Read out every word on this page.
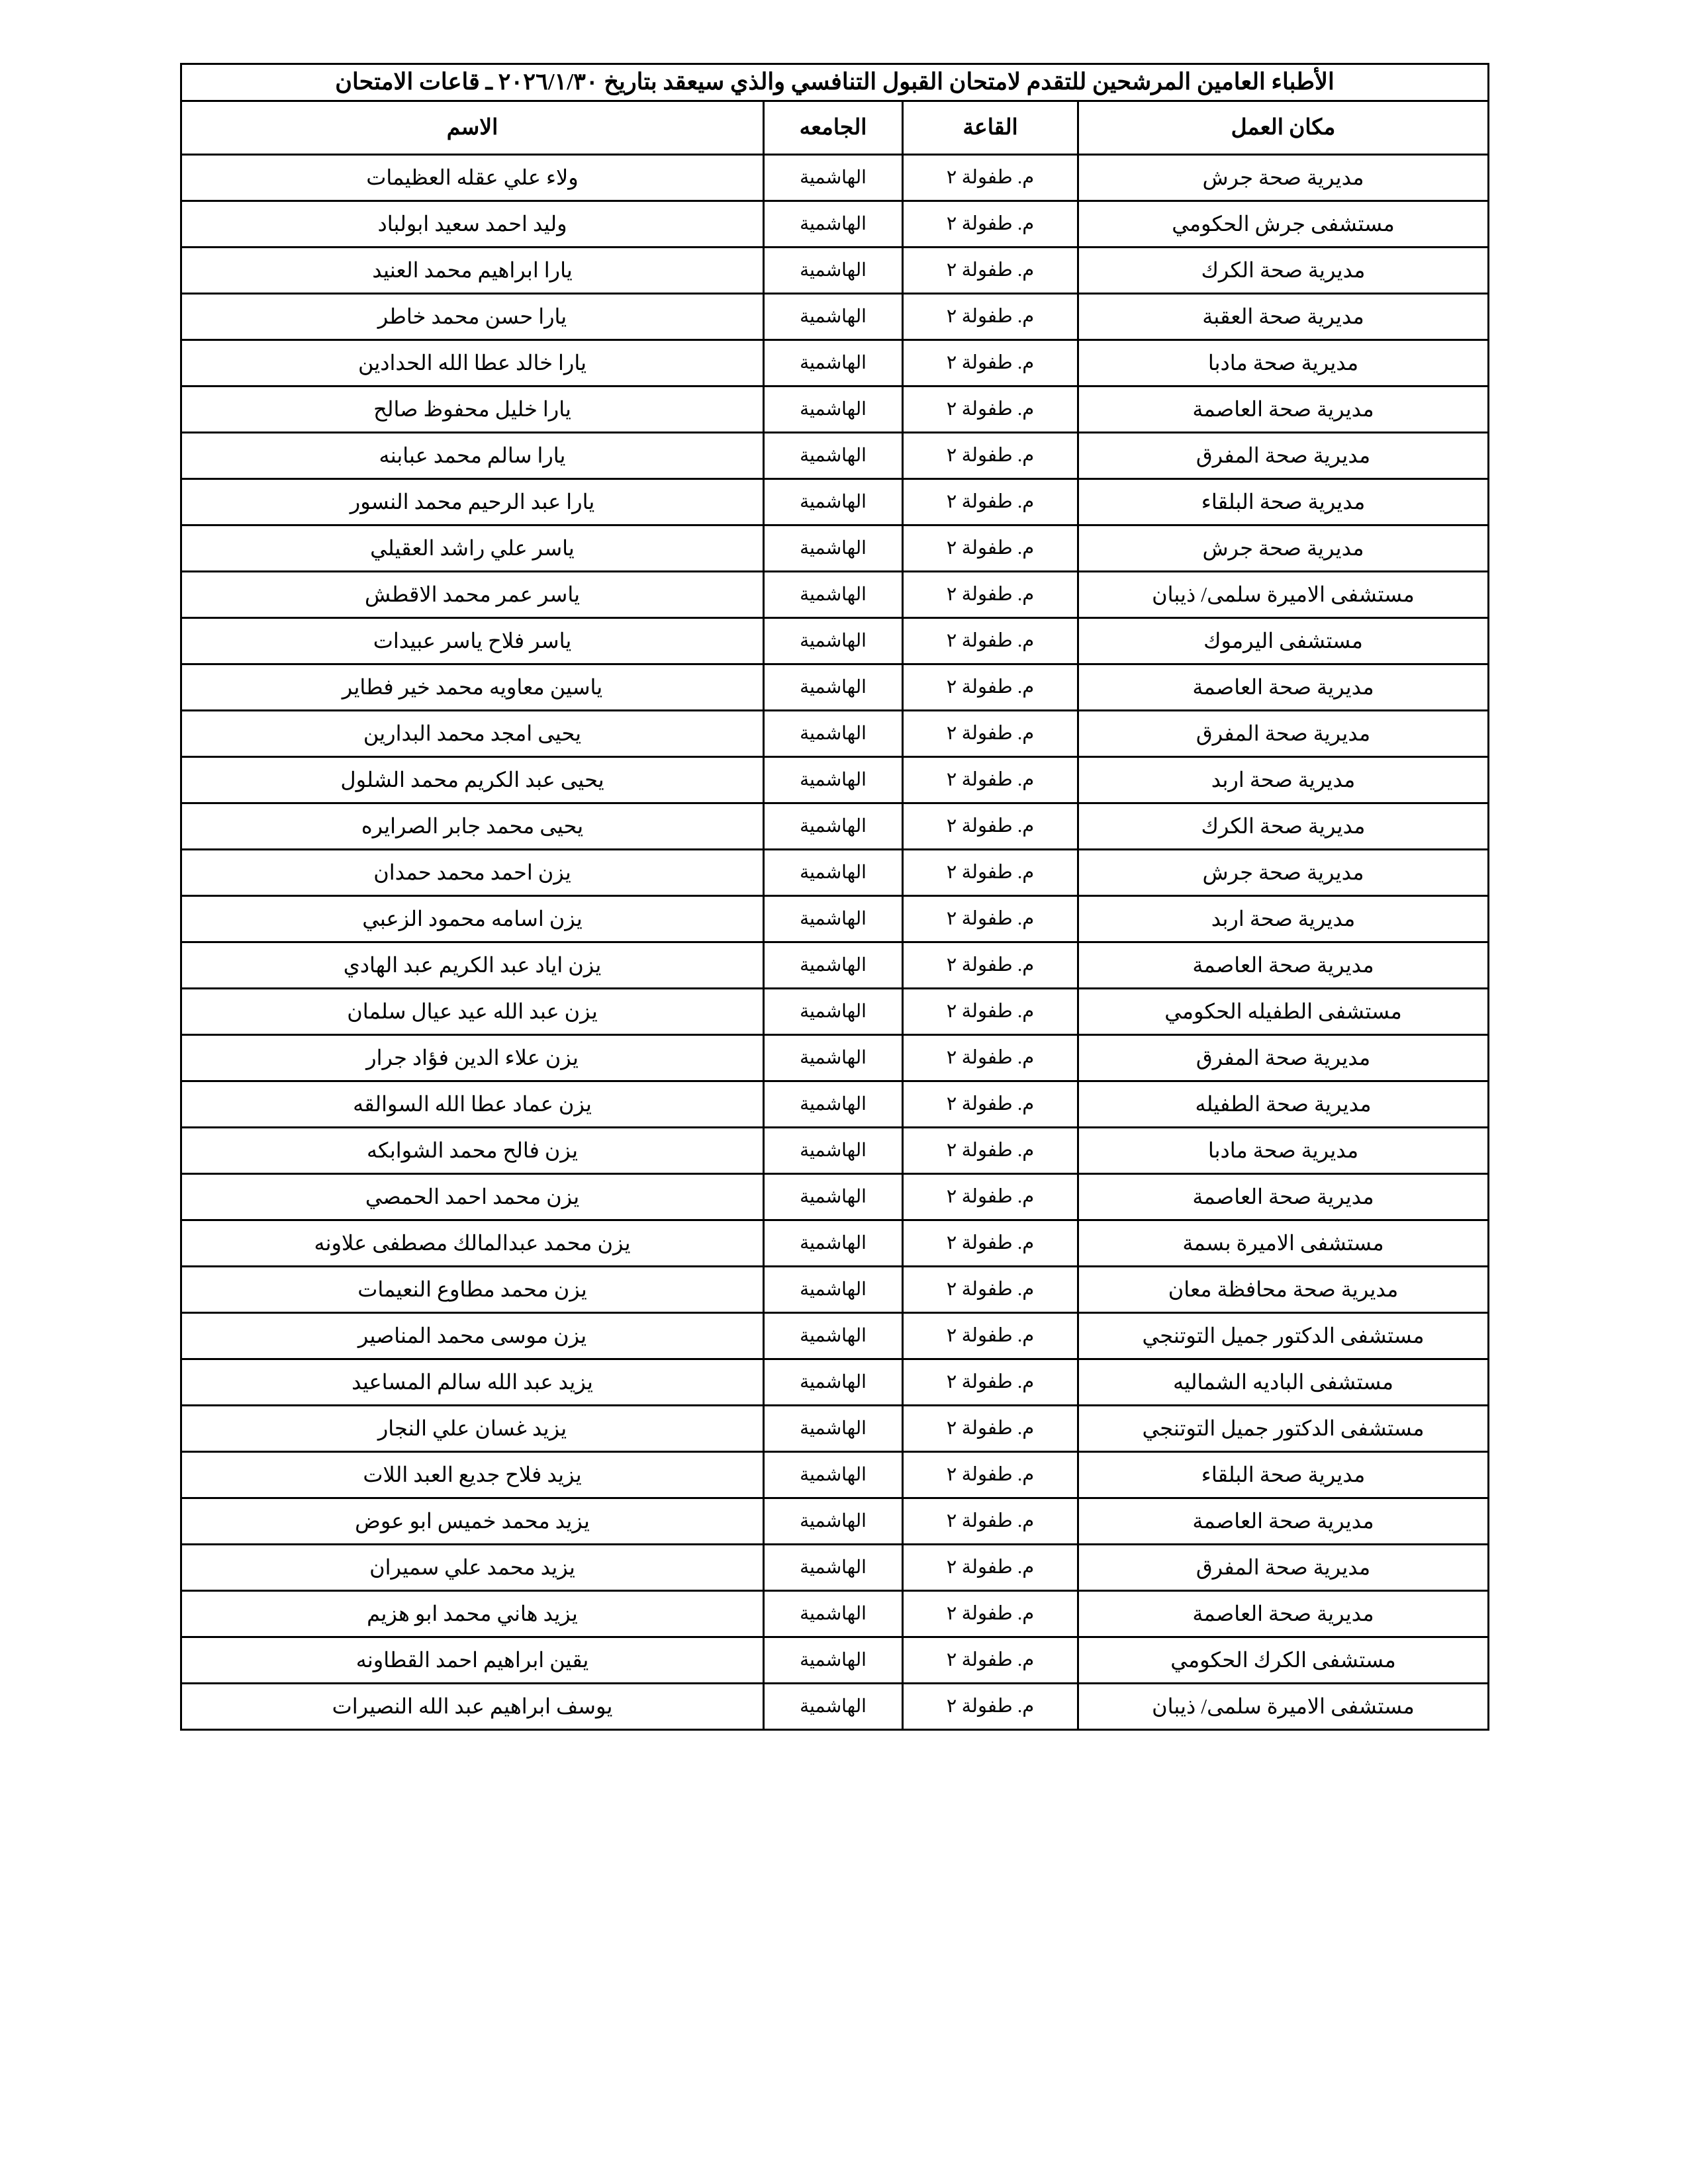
الأطباء العامين المرشحين للتقدم لامتحان القبول التنافسي والذي سيعقد بتاريخ ٢٠٢٦/١/٣٠ ـ قاعات الامتحان			
مكان العمل	القاعة	الجامعه	الاسم
مديرية صحة جرش	م. طفولة ٢	الهاشمية	ولاء علي عقله العظيمات
مستشفى جرش الحكومي	م. طفولة ٢	الهاشمية	وليد احمد سعيد ابولباد
مديرية صحة الكرك	م. طفولة ٢	الهاشمية	يارا ابراهيم محمد العنيد
مديرية صحة العقبة	م. طفولة ٢	الهاشمية	يارا حسن محمد خاطر
مديرية صحة مادبا	م. طفولة ٢	الهاشمية	يارا خالد عطا الله الحدادين
مديرية صحة العاصمة	م. طفولة ٢	الهاشمية	يارا خليل محفوظ صالح
مديرية صحة المفرق	م. طفولة ٢	الهاشمية	يارا سالم محمد عبابنه
مديرية صحة البلقاء	م. طفولة ٢	الهاشمية	يارا عبد الرحيم محمد النسور
مديرية صحة جرش	م. طفولة ٢	الهاشمية	ياسر علي راشد العقيلي
مستشفى الاميرة سلمى/ ذيبان	م. طفولة ٢	الهاشمية	ياسر عمر محمد الاقطش
مستشفى اليرموك	م. طفولة ٢	الهاشمية	ياسر فلاح ياسر عبيدات
مديرية صحة العاصمة	م. طفولة ٢	الهاشمية	ياسين معاويه محمد خير فطاير
مديرية صحة المفرق	م. طفولة ٢	الهاشمية	يحيى امجد محمد البدارين
مديرية صحة اربد	م. طفولة ٢	الهاشمية	يحيى عبد الكريم محمد الشلول
مديرية صحة الكرك	م. طفولة ٢	الهاشمية	يحيى محمد جابر الصرايره
مديرية صحة جرش	م. طفولة ٢	الهاشمية	يزن احمد محمد حمدان
مديرية صحة اربد	م. طفولة ٢	الهاشمية	يزن اسامه محمود الزعبي
مديرية صحة العاصمة	م. طفولة ٢	الهاشمية	يزن اياد عبد الكريم عبد الهادي
مستشفى الطفيله الحكومي	م. طفولة ٢	الهاشمية	يزن عبد الله عيد عيال سلمان
مديرية صحة المفرق	م. طفولة ٢	الهاشمية	يزن علاء الدين فؤاد جرار
مديرية صحة الطفيله	م. طفولة ٢	الهاشمية	يزن عماد عطا الله السوالقه
مديرية صحة مادبا	م. طفولة ٢	الهاشمية	يزن فالح محمد الشوابكه
مديرية صحة العاصمة	م. طفولة ٢	الهاشمية	يزن محمد احمد الحمصي
مستشفى الاميرة بسمة	م. طفولة ٢	الهاشمية	يزن محمد عبدالمالك مصطفى علاونه
مديرية صحة محافظة معان	م. طفولة ٢	الهاشمية	يزن محمد مطاوع النعيمات
مستشفى الدكتور جميل التوتنجي	م. طفولة ٢	الهاشمية	يزن موسى محمد المناصير
مستشفى الباديه الشماليه	م. طفولة ٢	الهاشمية	يزيد عبد الله سالم المساعيد
مستشفى الدكتور جميل التوتنجي	م. طفولة ٢	الهاشمية	يزيد غسان علي النجار
مديرية صحة البلقاء	م. طفولة ٢	الهاشمية	يزيد فلاح جديع العبد اللات
مديرية صحة العاصمة	م. طفولة ٢	الهاشمية	يزيد محمد خميس ابو عوض
مديرية صحة المفرق	م. طفولة ٢	الهاشمية	يزيد محمد علي سميران
مديرية صحة العاصمة	م. طفولة ٢	الهاشمية	يزيد هاني محمد ابو هزيم
مستشفى الكرك الحكومي	م. طفولة ٢	الهاشمية	يقين ابراهيم احمد القطاونه
مستشفى الاميرة سلمى/ ذيبان	م. طفولة ٢	الهاشمية	يوسف ابراهيم عبد الله النصيرات
